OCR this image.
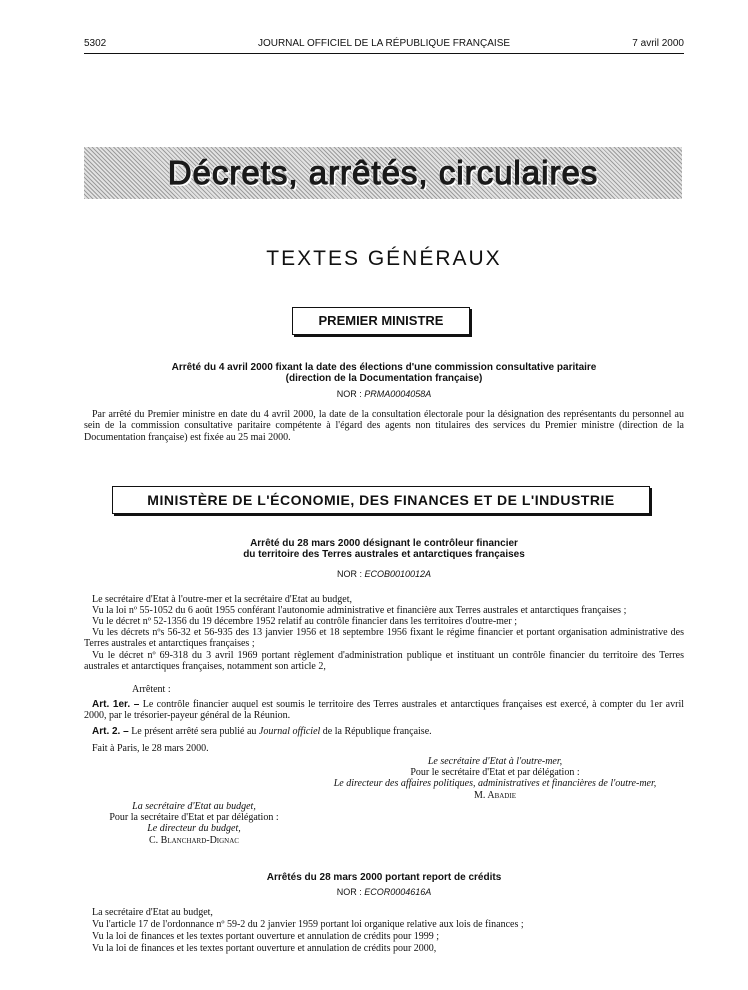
5302	JOURNAL OFFICIEL DE LA RÉPUBLIQUE FRANÇAISE	7 avril 2000
Décrets, arrêtés, circulaires
TEXTES GÉNÉRAUX
PREMIER MINISTRE
Arrêté du 4 avril 2000 fixant la date des élections d'une commission consultative paritaire
(direction de la Documentation française)
NOR : PRMA0004058A
Par arrêté du Premier ministre en date du 4 avril 2000, la date de la consultation électorale pour la désignation des représentants du personnel au sein de la commission consultative paritaire compétente à l'égard des agents non titulaires des services du Premier ministre (direction de la Documentation française) est fixée au 25 mai 2000.
MINISTÈRE DE L'ÉCONOMIE, DES FINANCES ET DE L'INDUSTRIE
Arrêté du 28 mars 2000 désignant le contrôleur financier
du territoire des Terres australes et antarctiques françaises
NOR : ECOB0010012A
Le secrétaire d'Etat à l'outre-mer et la secrétaire d'Etat au budget,
Vu la loi nº 55-1052 du 6 août 1955 conférant l'autonomie administrative et financière aux Terres australes et antarctiques françaises ;
Vu le décret nº 52-1356 du 19 décembre 1952 relatif au contrôle financier dans les territoires d'outre-mer ;
Vu les décrets nºs 56-32 et 56-935 des 13 janvier 1956 et 18 septembre 1956 fixant le régime financier et portant organisation administrative des Terres australes et antarctiques françaises ;
Vu le décret nº 69-318 du 3 avril 1969 portant règlement d'administration publique et instituant un contrôle financier du territoire des Terres australes et antarctiques françaises, notamment son article 2,
Arrêtent :
Art. 1er. – Le contrôle financier auquel est soumis le territoire des Terres australes et antarctiques françaises est exercé, à compter du 1er avril 2000, par le trésorier-payeur général de la Réunion.
Art. 2. – Le présent arrêté sera publié au Journal officiel de la République française.
Fait à Paris, le 28 mars 2000.
Le secrétaire d'Etat à l'outre-mer,
Pour le secrétaire d'Etat et par délégation :
Le directeur des affaires politiques, administratives et financières de l'outre-mer,
M. Abadie
La secrétaire d'Etat au budget,
Pour la secrétaire d'Etat et par délégation :
Le directeur du budget,
C. Blanchard-Dignac
Arrêtés du 28 mars 2000 portant report de crédits
NOR : ECOR0004616A
La secrétaire d'Etat au budget,
Vu l'article 17 de l'ordonnance nº 59-2 du 2 janvier 1959 portant loi organique relative aux lois de finances ;
Vu la loi de finances et les textes portant ouverture et annulation de crédits pour 1999 ;
Vu la loi de finances et les textes portant ouverture et annulation de crédits pour 2000,
